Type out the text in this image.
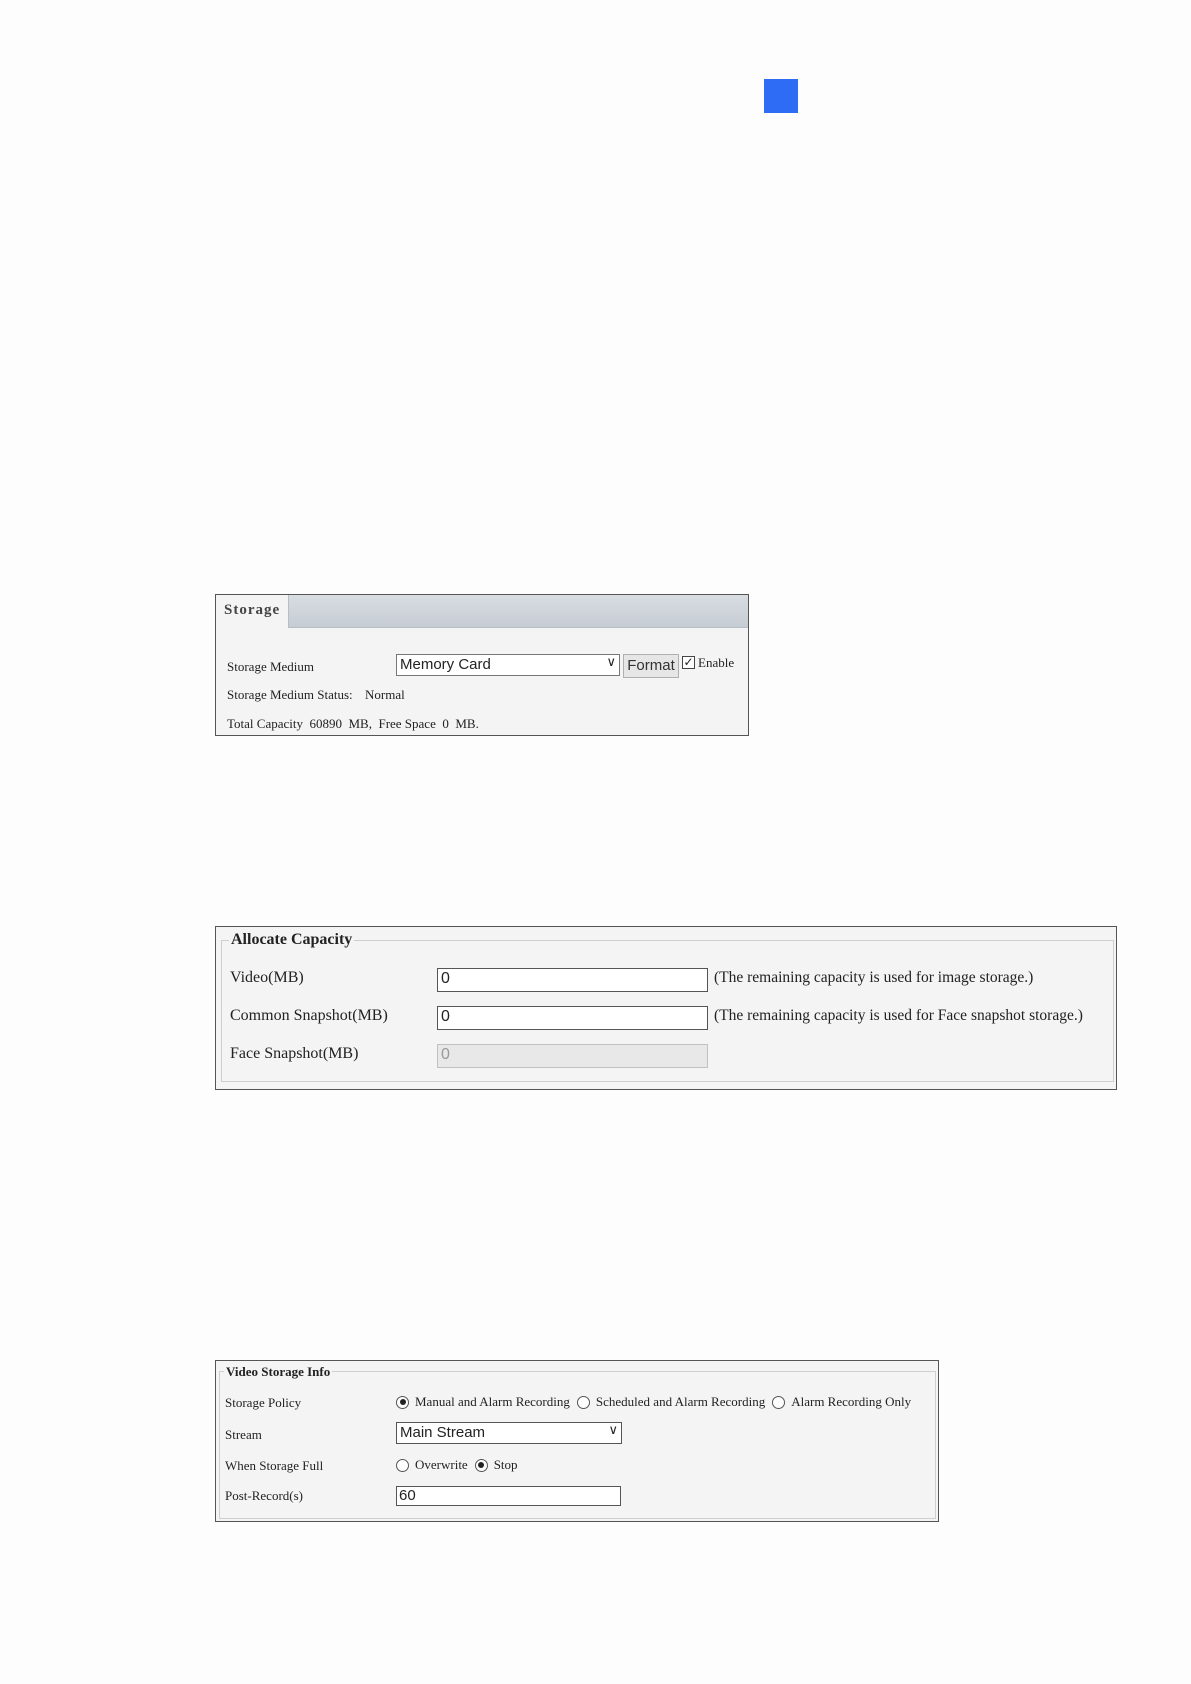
Storage
Storage Medium	Memory Card	∨ Format ✓ Enable
Storage Medium Status: Normal
Total Capacity  60890  MB,  Free Space  0  MB.
Allocate Capacity
Video(MB)	0	(The remaining capacity is used for image storage.)
Common Snapshot(MB)	0	(The remaining capacity is used for Face snapshot storage.)
Face Snapshot(MB)	0
Video Storage Info
Storage Policy	Manual and Alarm Recording Scheduled and Alarm Recording Alarm Recording Only
Stream	Main Stream	∨
When Storage Full	Overwrite Stop
Post-Record(s)	60
